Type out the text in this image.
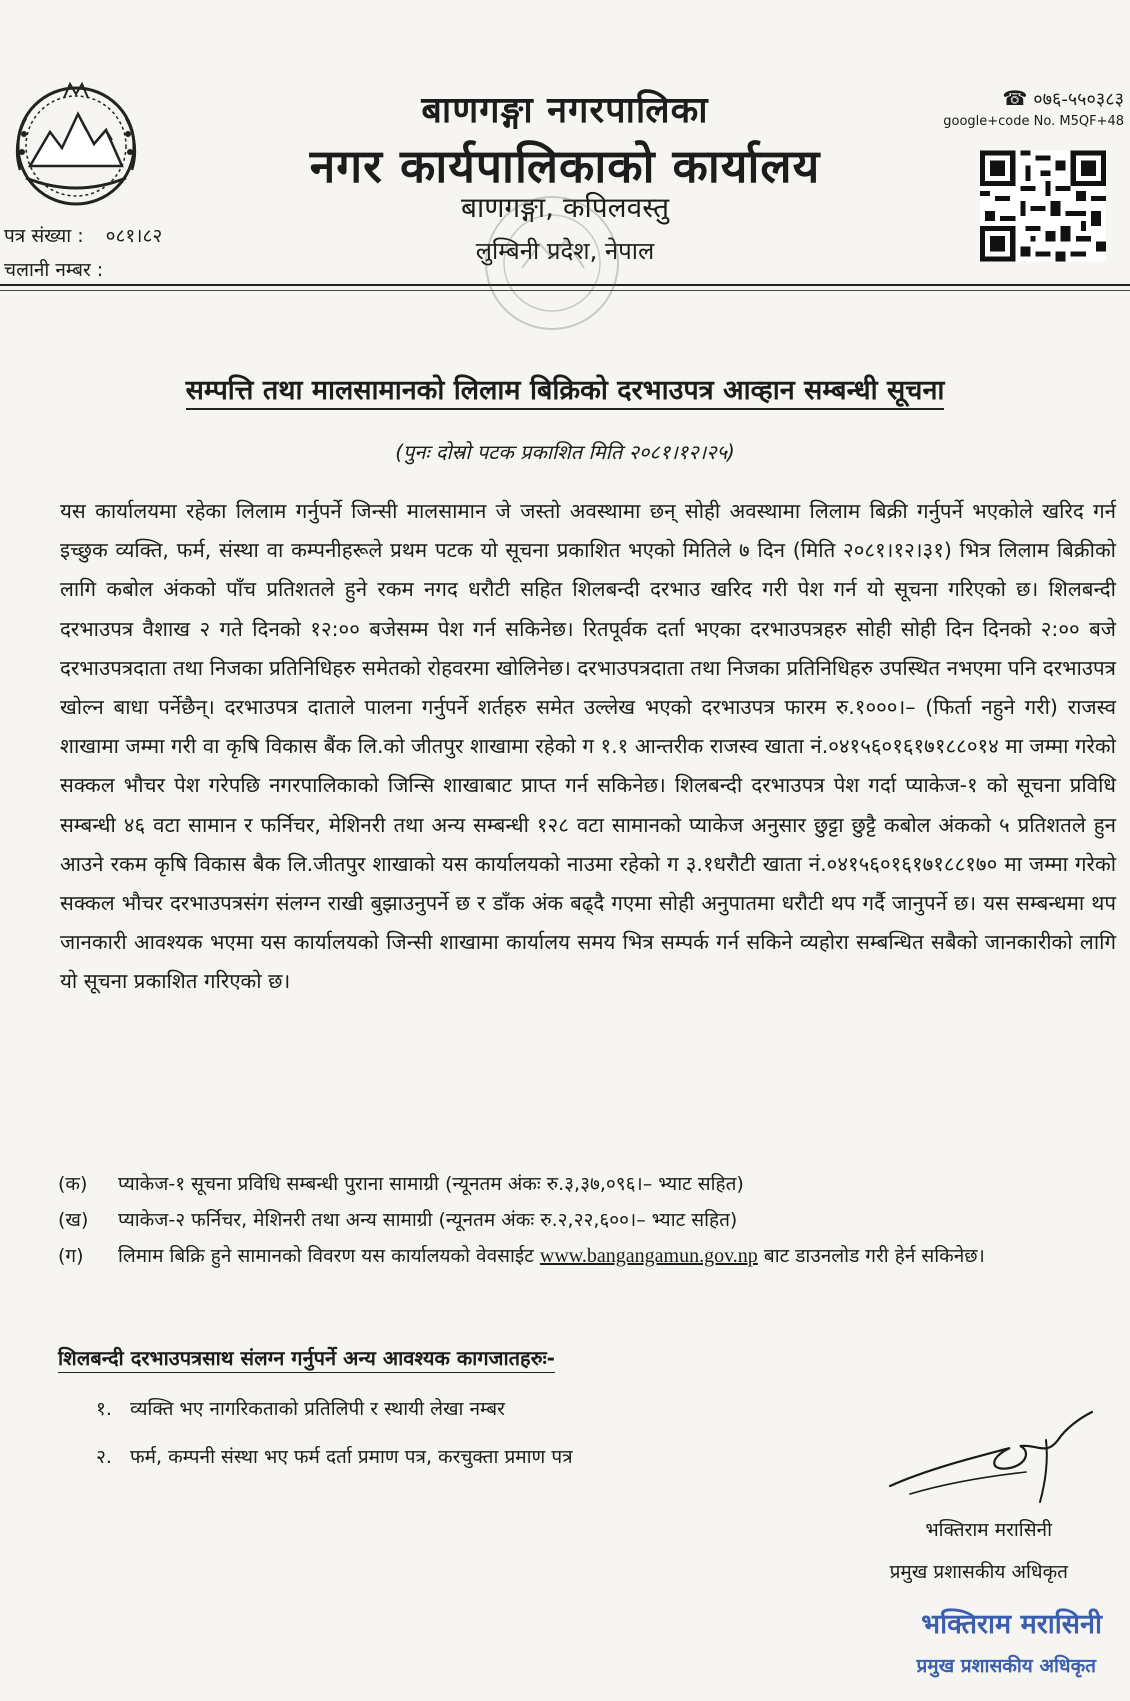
बाणगङ्गा नगरपालिका
नगर कार्यपालिकाको कार्यालय
बाणगङ्गा, कपिलवस्तु
लुम्बिनी प्रदेश, नेपाल
☎ ०७६-५५०३८३
google+code No. M5QF+48
पत्र संख्या : ०८१।८२
चलानी नम्बर :
सम्पत्ति तथा मालसामानको लिलाम बिक्रिको दरभाउपत्र आव्हान सम्बन्धी सूचना
(पुनः दोस्रो पटक प्रकाशित मिति २०८१।१२।२५)
यस कार्यालयमा रहेका लिलाम गर्नुपर्ने जिन्सी मालसामान जे जस्तो अवस्थामा छन् सोही अवस्थामा लिलाम बिक्री गर्नुपर्ने भएकोले खरिद गर्न इच्छुक व्यक्ति, फर्म, संस्था वा कम्पनीहरूले प्रथम पटक यो सूचना प्रकाशित भएको मितिले ७ दिन (मिति २०८१।१२।३१) भित्र लिलाम बिक्रीको लागि कबोल अंकको पाँच प्रतिशतले हुने रकम नगद धरौटी सहित शिलबन्दी दरभाउ खरिद गरी पेश गर्न यो सूचना गरिएको छ। शिलबन्दी दरभाउपत्र वैशाख २ गते दिनको १२:०० बजेसम्म पेश गर्न सकिनेछ। रितपूर्वक दर्ता भएका दरभाउपत्रहरु सोही सोही दिन दिनको २:०० बजे दरभाउपत्रदाता तथा निजका प्रतिनिधिहरु समेतको रोहवरमा खोलिनेछ। दरभाउपत्रदाता तथा निजका प्रतिनिधिहरु उपस्थित नभएमा पनि दरभाउपत्र खोल्न बाधा पर्नेछैन्। दरभाउपत्र दाताले पालना गर्नुपर्ने शर्तहरु समेत उल्लेख भएको दरभाउपत्र फारम रु.१०००।– (फिर्ता नहुने गरी) राजस्व शाखामा जम्मा गरी वा कृषि विकास बैंक लि.को जीतपुर शाखामा रहेको ग १.१ आन्तरीक राजस्व खाता नं.०४१५६०१६१७१८८०१४ मा जम्मा गरेको सक्कल भौचर पेश गरेपछि नगरपालिकाको जिन्सि शाखाबाट प्राप्त गर्न सकिनेछ। शिलबन्दी दरभाउपत्र पेश गर्दा प्याकेज-१ को सूचना प्रविधि सम्बन्धी ४६ वटा सामान र फर्निचर, मेशिनरी तथा अन्य सम्बन्धी १२८ वटा सामानको प्याकेज अनुसार छुट्टा छुट्टै कबोल अंकको ५ प्रतिशतले हुन आउने रकम कृषि विकास बैक लि.जीतपुर शाखाको यस कार्यालयको नाउमा रहेको ग ३.१धरौटी खाता नं.०४१५६०१६१७१८८१७० मा जम्मा गरेको सक्कल भौचर दरभाउपत्रसंग संलग्न राखी बुझाउनुपर्ने छ र डाँक अंक बढ्दै गएमा सोही अनुपातमा धरौटी थप गर्दै जानुपर्ने छ। यस सम्बन्धमा थप जानकारी आवश्यक भएमा यस कार्यालयको जिन्सी शाखामा कार्यालय समय भित्र सम्पर्क गर्न सकिने व्यहोरा सम्बन्धित सबैको जानकारीको लागि यो सूचना प्रकाशित गरिएको छ।
(क)	प्याकेज-१ सूचना प्रविधि सम्बन्धी पुराना सामाग्री (न्यूनतम अंकः रु.३,३७,०९६।– भ्याट सहित)
(ख)	प्याकेज-२ फर्निचर, मेशिनरी तथा अन्य सामाग्री (न्यूनतम अंकः रु.२,२२,६००।– भ्याट सहित)
(ग)	लिमाम बिक्रि हुने सामानको विवरण यस कार्यालयको वेवसाईट www.bangangamun.gov.np बाट डाउनलोड गरी हेर्न सकिनेछ।
शिलबन्दी दरभाउपत्रसाथ संलग्न गर्नुपर्ने अन्य आवश्यक कागजातहरुः-
१. व्यक्ति भए नागरिकताको प्रतिलिपी र स्थायी लेखा नम्बर
२. फर्म, कम्पनी संस्था भए फर्म दर्ता प्रमाण पत्र, करचुक्ता प्रमाण पत्र
भक्तिराम मरासिनी
प्रमुख प्रशासकीय अधिकृत
भक्तिराम मरासिनी
प्रमुख प्रशासकीय अधिकृत
